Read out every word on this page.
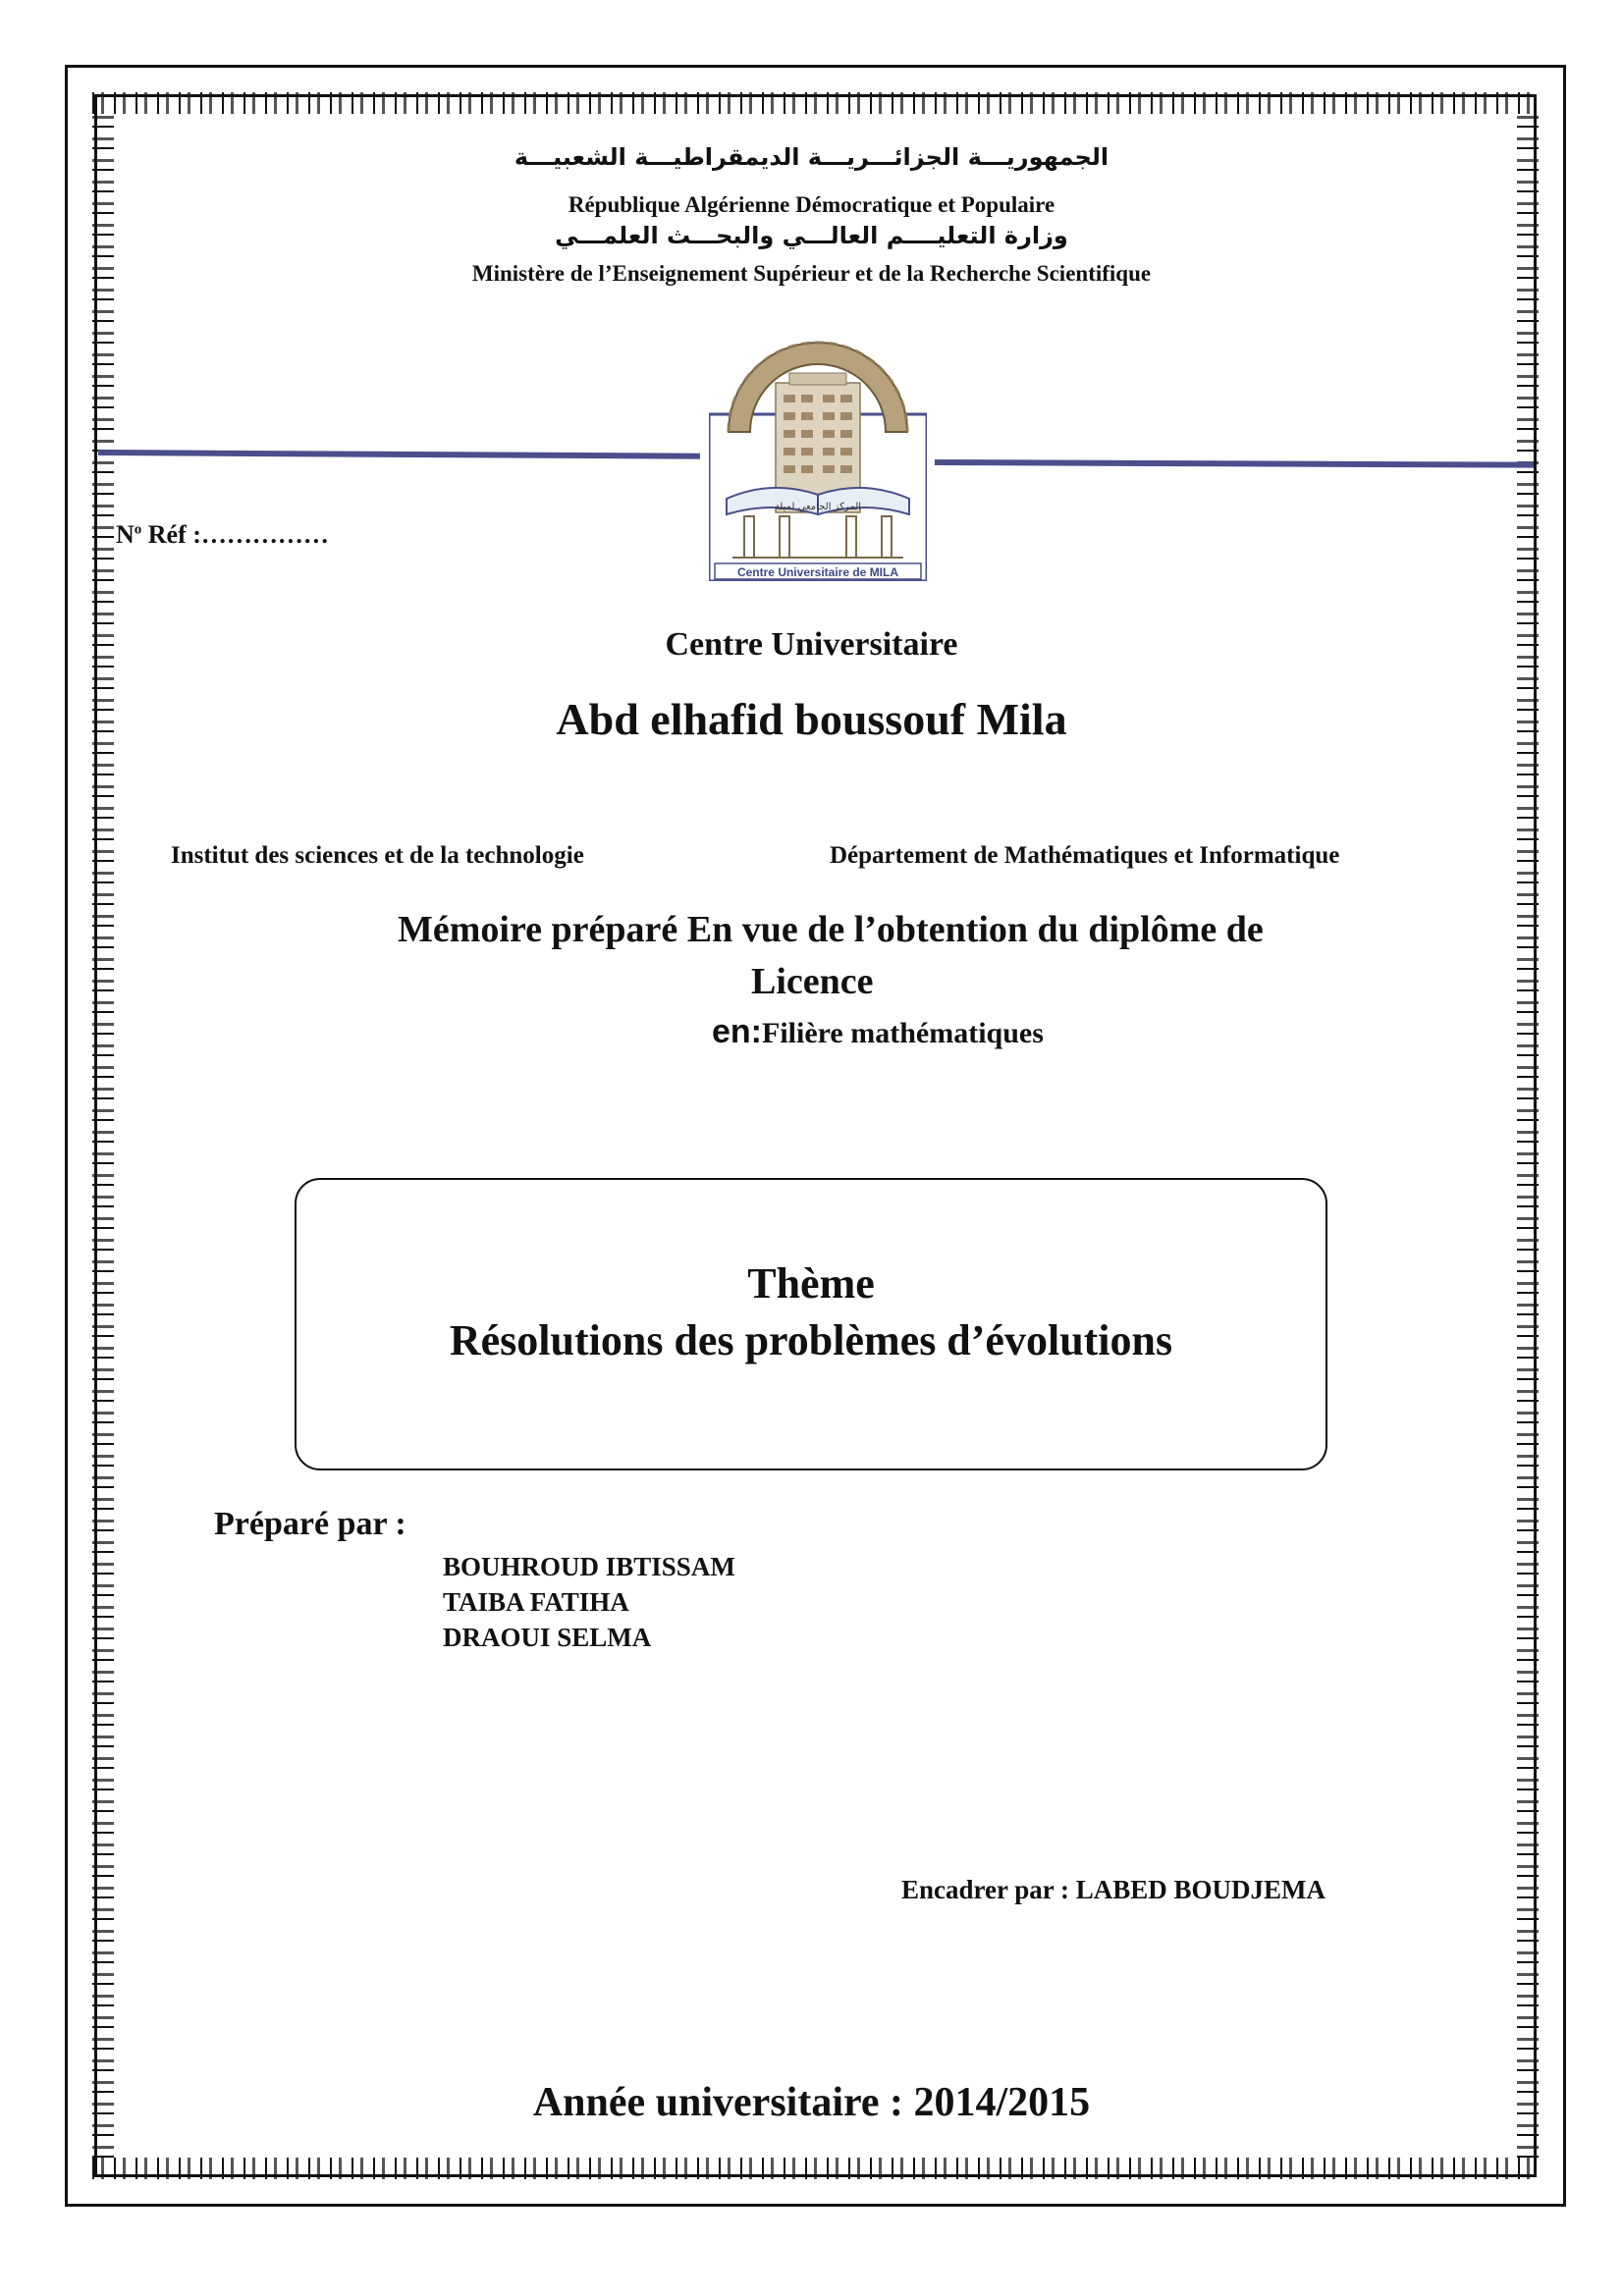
الجمهوريـــة الجزائـــريـــة الديمقراطيـــة الشعبيـــة
République Algérienne Démocratique et Populaire
وزارة التعليــــم العالـــي والبحـــث العلمـــي
Ministère de l’Enseignement Supérieur et de la Recherche Scientifique
المركز الجامعي لميلة
Centre Universitaire de MILA
$N^o$ Réf :……………
Centre Universitaire
Abd elhafid boussouf Mila
Institut des sciences et de la technologie	Département de Mathématiques et Informatique
Mémoire préparé En vue de l’obtention du diplôme de
Licence
en:Filière mathématiques
Thème
Résolutions des problèmes d’évolutions
Préparé par :
BOUHROUD IBTISSAM
TAIBA FATIHA
DRAOUI SELMA
Encadrer par : LABED BOUDJEMA
Année universitaire : 2014/2015
